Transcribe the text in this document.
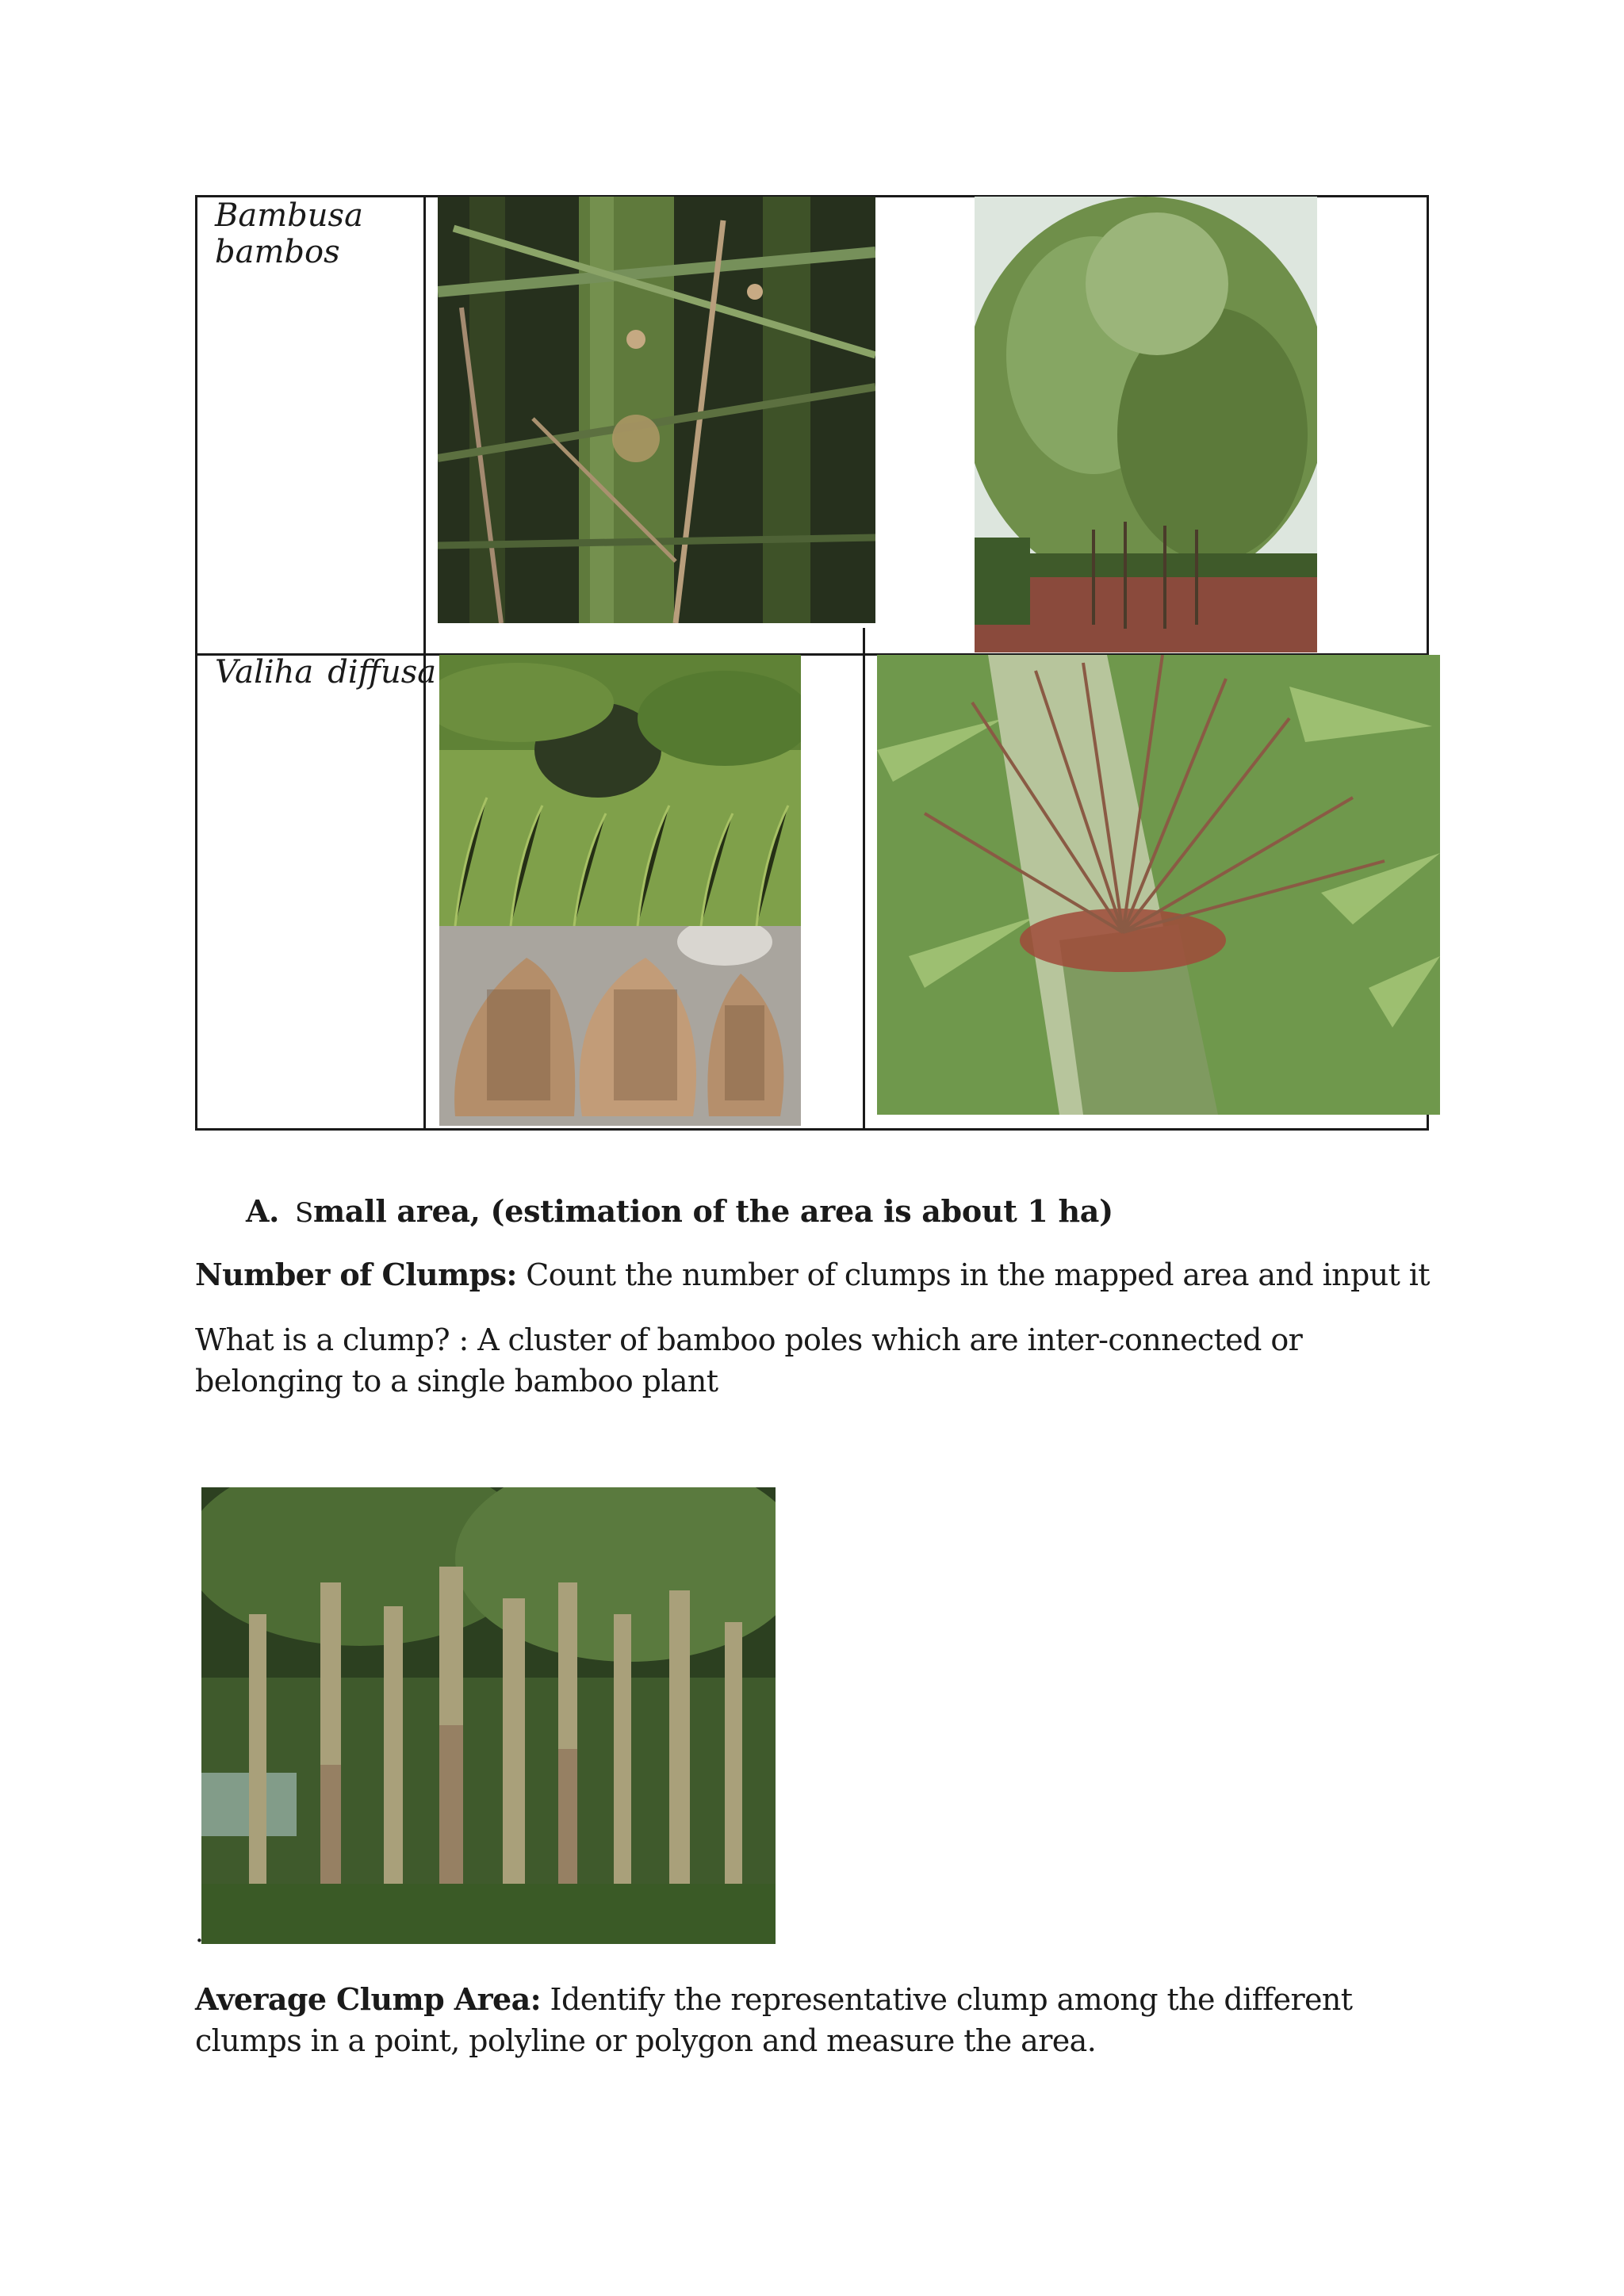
Bambusa
bambos
Valiha diffusa
A. Small area, (estimation of the area is about 1 ha)
Number of Clumps: Count the number of clumps in the mapped area and input it
What is a clump? : A cluster of bamboo poles which are inter-connected or belonging to a single bamboo plant
.
Average Clump Area: Identify the representative clump among the different clumps in a point, polyline or polygon and measure the area.
